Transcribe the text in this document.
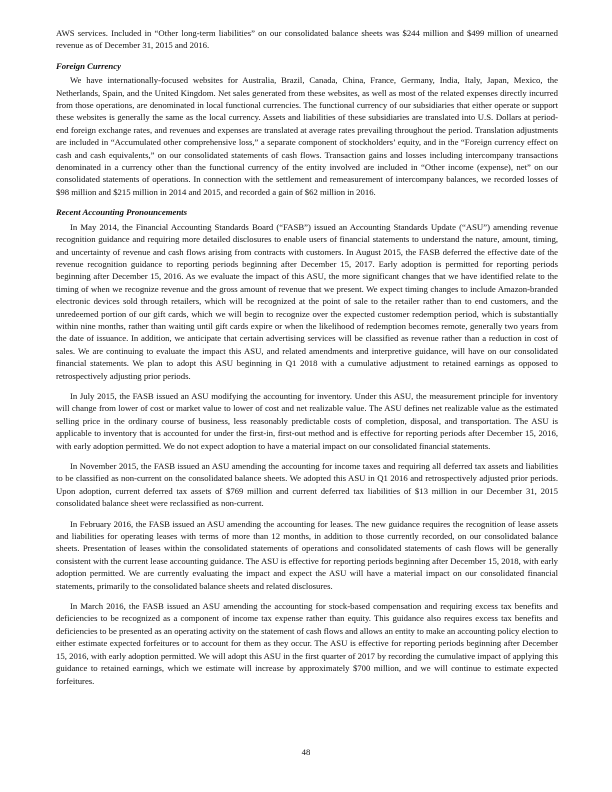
AWS services. Included in “Other long-term liabilities” on our consolidated balance sheets was $244 million and $499 million of unearned revenue as of December 31, 2015 and 2016.

Foreign Currency

We have internationally-focused websites for Australia, Brazil, Canada, China, France, Germany, India, Italy, Japan, Mexico, the Netherlands, Spain, and the United Kingdom. Net sales generated from these websites, as well as most of the related expenses directly incurred from those operations, are denominated in local functional currencies. The functional currency of our subsidiaries that either operate or support these websites is generally the same as the local currency. Assets and liabilities of these subsidiaries are translated into U.S. Dollars at period-end foreign exchange rates, and revenues and expenses are translated at average rates prevailing throughout the period. Translation adjustments are included in “Accumulated other comprehensive loss,” a separate component of stockholders’ equity, and in the “Foreign currency effect on cash and cash equivalents,” on our consolidated statements of cash flows. Transaction gains and losses including intercompany transactions denominated in a currency other than the functional currency of the entity involved are included in “Other income (expense), net” on our consolidated statements of operations. In connection with the settlement and remeasurement of intercompany balances, we recorded losses of $98 million and $215 million in 2014 and 2015, and recorded a gain of $62 million in 2016.

Recent Accounting Pronouncements

In May 2014, the Financial Accounting Standards Board (“FASB”) issued an Accounting Standards Update (“ASU”) amending revenue recognition guidance and requiring more detailed disclosures to enable users of financial statements to understand the nature, amount, timing, and uncertainty of revenue and cash flows arising from contracts with customers. In August 2015, the FASB deferred the effective date of the revenue recognition guidance to reporting periods beginning after December 15, 2017. Early adoption is permitted for reporting periods beginning after December 15, 2016. As we evaluate the impact of this ASU, the more significant changes that we have identified relate to the timing of when we recognize revenue and the gross amount of revenue that we present. We expect timing changes to include Amazon-branded electronic devices sold through retailers, which will be recognized at the point of sale to the retailer rather than to end customers, and the unredeemed portion of our gift cards, which we will begin to recognize over the expected customer redemption period, which is substantially within nine months, rather than waiting until gift cards expire or when the likelihood of redemption becomes remote, generally two years from the date of issuance. In addition, we anticipate that certain advertising services will be classified as revenue rather than a reduction in cost of sales. We are continuing to evaluate the impact this ASU, and related amendments and interpretive guidance, will have on our consolidated financial statements. We plan to adopt this ASU beginning in Q1 2018 with a cumulative adjustment to retained earnings as opposed to retrospectively adjusting prior periods.

In July 2015, the FASB issued an ASU modifying the accounting for inventory. Under this ASU, the measurement principle for inventory will change from lower of cost or market value to lower of cost and net realizable value. The ASU defines net realizable value as the estimated selling price in the ordinary course of business, less reasonably predictable costs of completion, disposal, and transportation. The ASU is applicable to inventory that is accounted for under the first-in, first-out method and is effective for reporting periods after December 15, 2016, with early adoption permitted. We do not expect adoption to have a material impact on our consolidated financial statements.

In November 2015, the FASB issued an ASU amending the accounting for income taxes and requiring all deferred tax assets and liabilities to be classified as non-current on the consolidated balance sheets. We adopted this ASU in Q1 2016 and retrospectively adjusted prior periods. Upon adoption, current deferred tax assets of $769 million and current deferred tax liabilities of $13 million in our December 31, 2015 consolidated balance sheet were reclassified as non-current.

In February 2016, the FASB issued an ASU amending the accounting for leases. The new guidance requires the recognition of lease assets and liabilities for operating leases with terms of more than 12 months, in addition to those currently recorded, on our consolidated balance sheets. Presentation of leases within the consolidated statements of operations and consolidated statements of cash flows will be generally consistent with the current lease accounting guidance. The ASU is effective for reporting periods beginning after December 15, 2018, with early adoption permitted. We are currently evaluating the impact and expect the ASU will have a material impact on our consolidated financial statements, primarily to the consolidated balance sheets and related disclosures.

In March 2016, the FASB issued an ASU amending the accounting for stock-based compensation and requiring excess tax benefits and deficiencies to be recognized as a component of income tax expense rather than equity. This guidance also requires excess tax benefits and deficiencies to be presented as an operating activity on the statement of cash flows and allows an entity to make an accounting policy election to either estimate expected forfeitures or to account for them as they occur. The ASU is effective for reporting periods beginning after December 15, 2016, with early adoption permitted. We will adopt this ASU in the first quarter of 2017 by recording the cumulative impact of applying this guidance to retained earnings, which we estimate will increase by approximately $700 million, and we will continue to estimate expected forfeitures.

48
